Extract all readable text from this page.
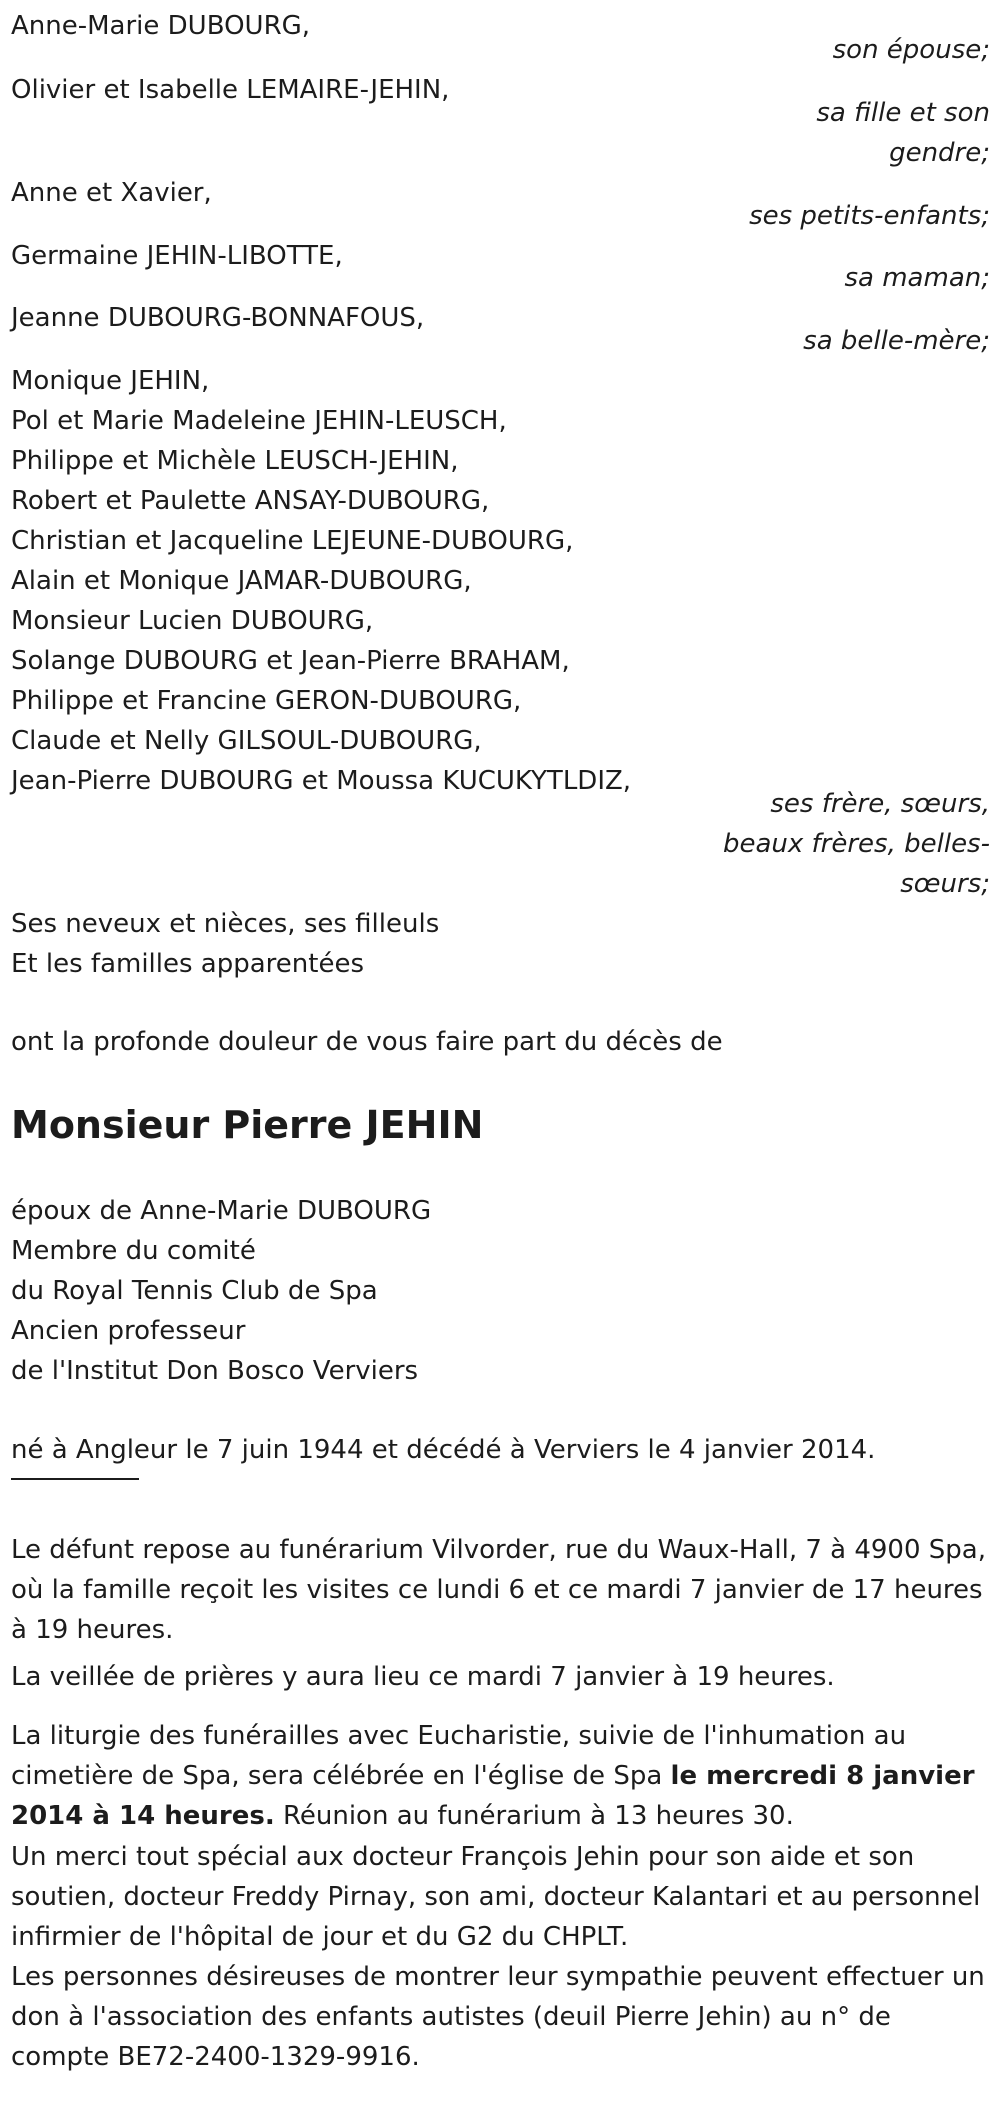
Anne-Marie DUBOURG,
son épouse;
Olivier et Isabelle LEMAIRE-JEHIN,
sa fille et son
gendre;
Anne et Xavier,
ses petits-enfants;
Germaine JEHIN-LIBOTTE,
sa maman;
Jeanne DUBOURG-BONNAFOUS,
sa belle-mère;
Monique JEHIN,
Pol et Marie Madeleine JEHIN-LEUSCH,
Philippe et Michèle LEUSCH-JEHIN,
Robert et Paulette ANSAY-DUBOURG,
Christian et Jacqueline LEJEUNE-DUBOURG,
Alain et Monique JAMAR-DUBOURG,
Monsieur Lucien DUBOURG,
Solange DUBOURG et Jean-Pierre BRAHAM,
Philippe et Francine GERON-DUBOURG,
Claude et Nelly GILSOUL-DUBOURG,
Jean-Pierre DUBOURG et Moussa KUCUKYTLDIZ,
ses frère, sœurs,
beaux frères, belles-
sœurs;
Ses neveux et nièces, ses filleuls
Et les familles apparentées
ont la profonde douleur de vous faire part du décès de
Monsieur Pierre JEHIN
époux de Anne-Marie DUBOURG
Membre du comité
du Royal Tennis Club de Spa
Ancien professeur
de l'Institut Don Bosco Verviers
né à Angleur le 7 juin 1944 et décédé à Verviers le 4 janvier 2014.
Le défunt repose au funérarium Vilvorder, rue du Waux-Hall, 7 à 4900 Spa, où la famille reçoit les visites ce lundi 6 et ce mardi 7 janvier de 17 heures à 19 heures.
La veillée de prières y aura lieu ce mardi 7 janvier à 19 heures.
La liturgie des funérailles avec Eucharistie, suivie de l'inhumation au cimetière de Spa, sera célébrée en l'église de Spa le mercredi 8 janvier 2014 à 14 heures. Réunion au funérarium à 13 heures 30.
Un merci tout spécial aux docteur François Jehin pour son aide et son soutien, docteur Freddy Pirnay, son ami, docteur Kalantari et au personnel infirmier de l'hôpital de jour et du G2 du CHPLT.
Les personnes désireuses de montrer leur sympathie peuvent effectuer un don à l'association des enfants autistes (deuil Pierre Jehin) au n° de compte BE72-2400-1329-9916.
